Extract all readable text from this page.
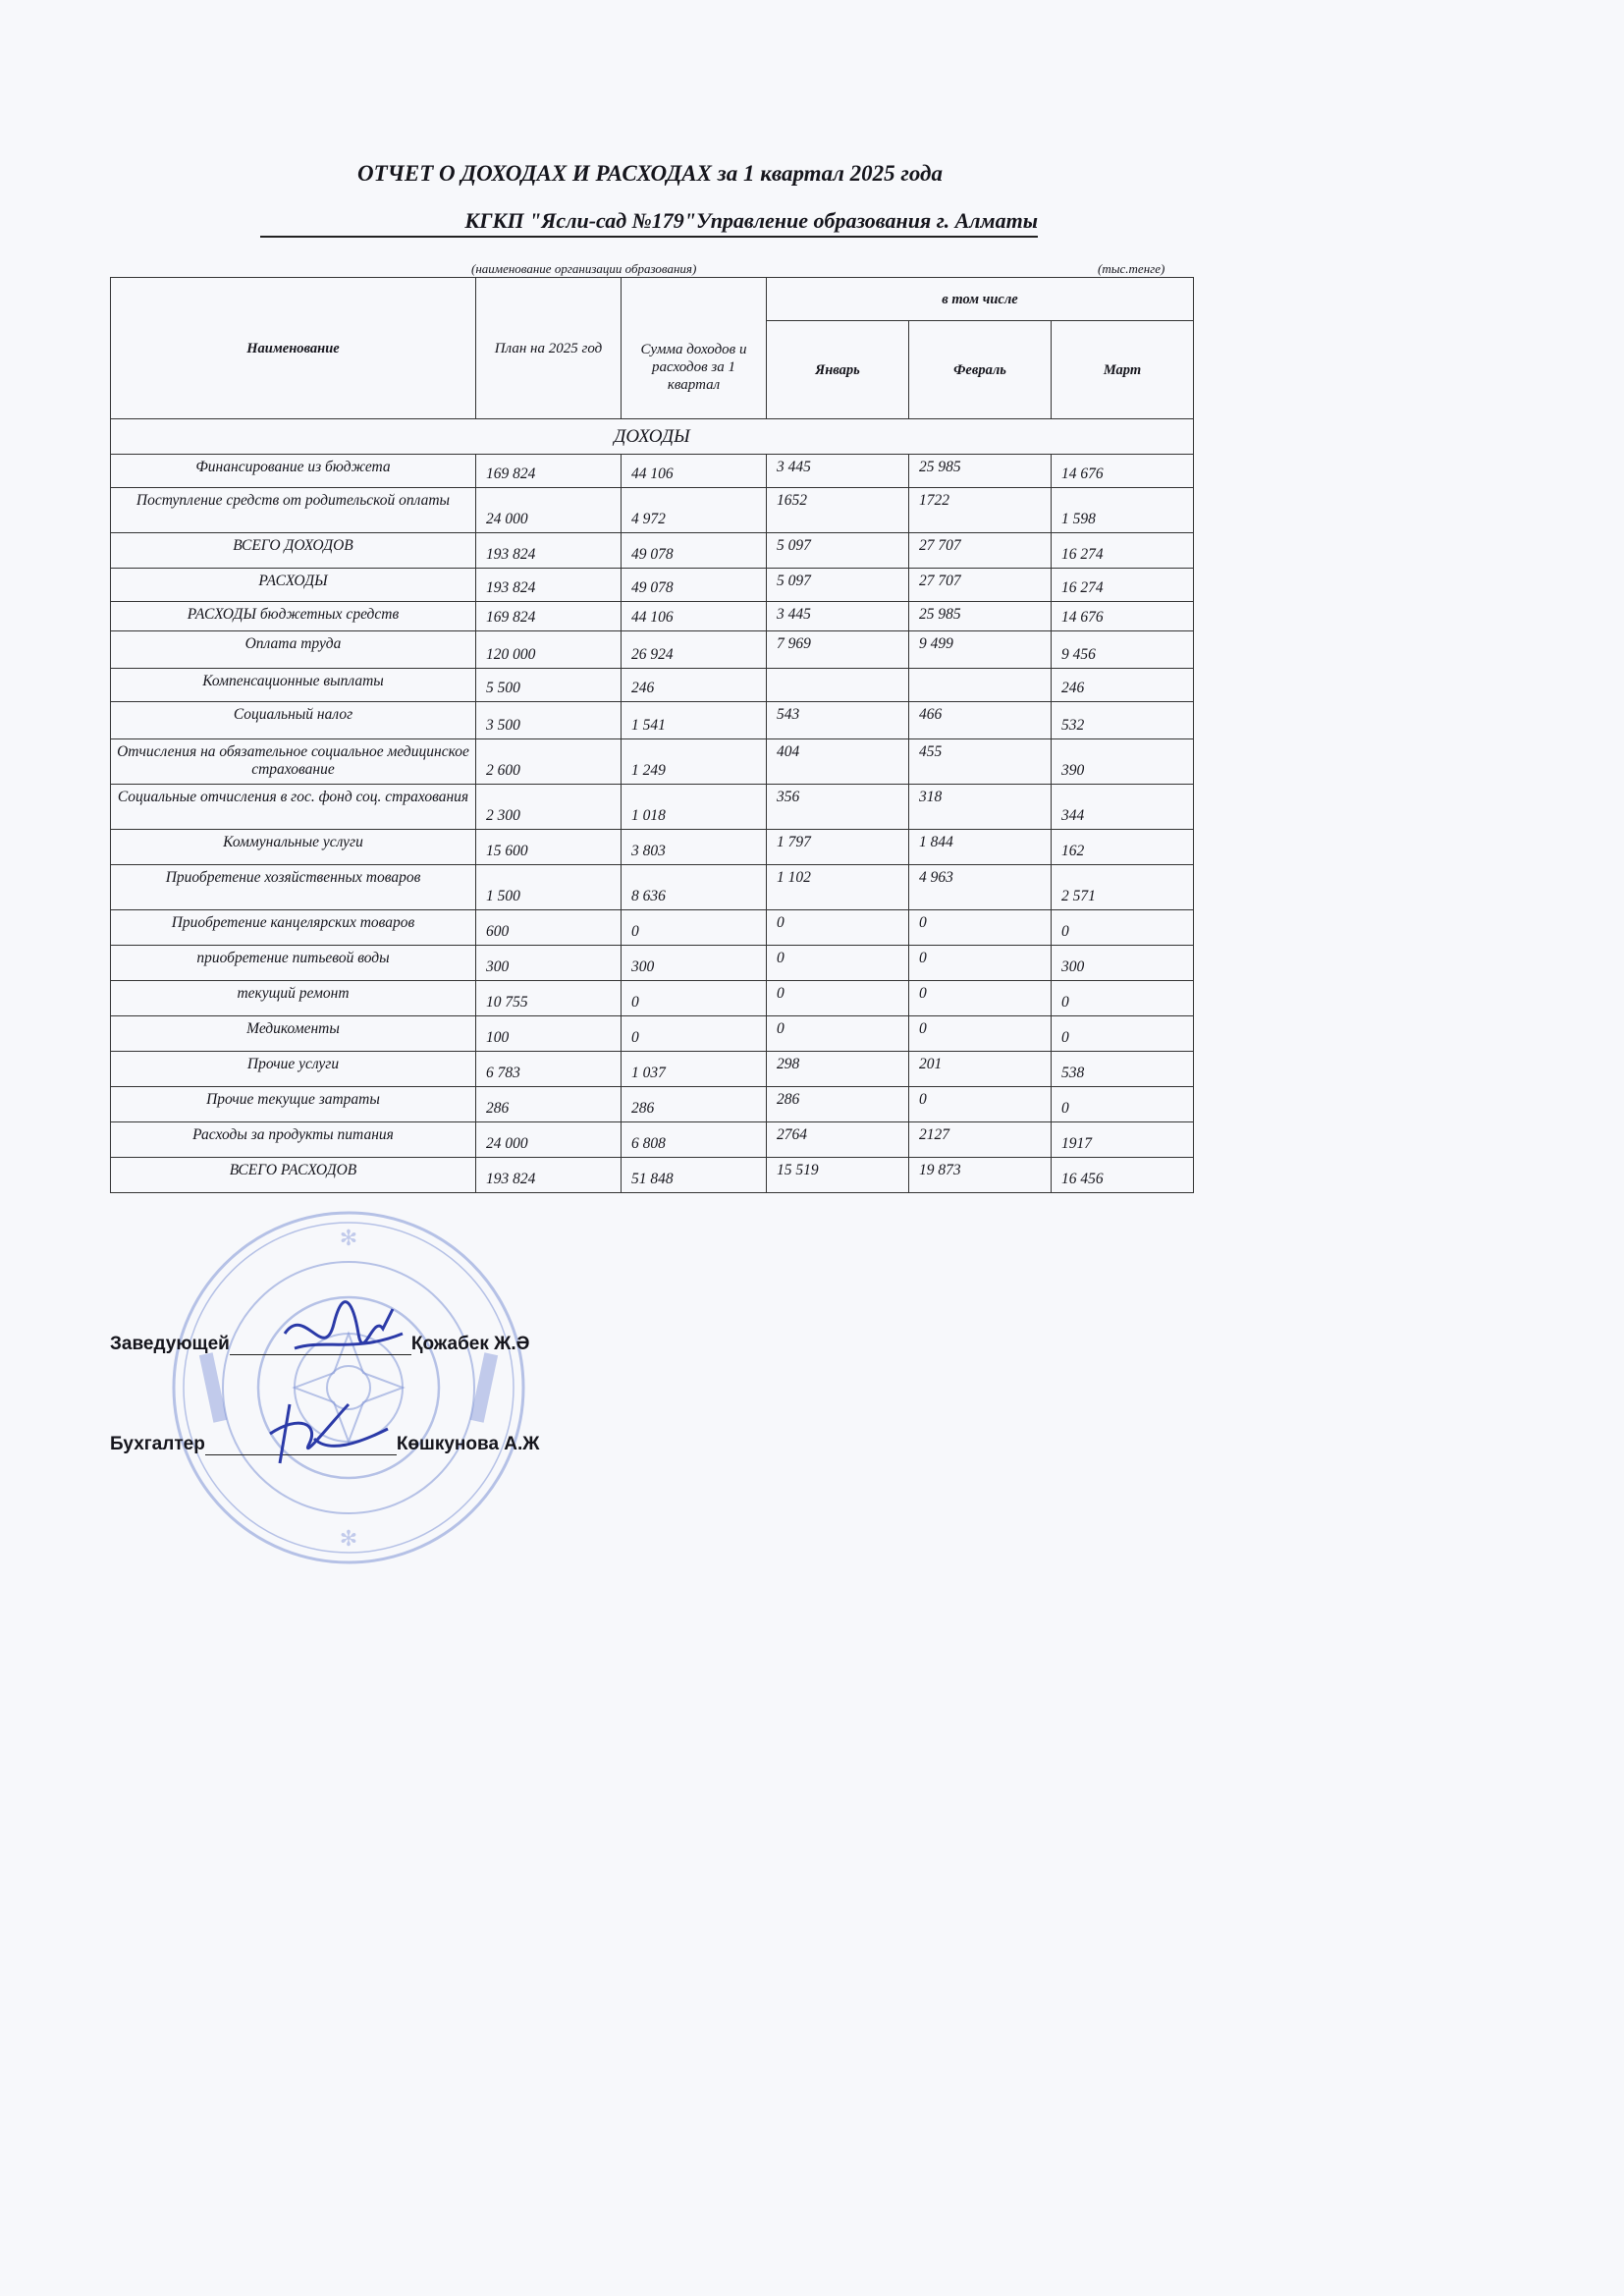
ОТЧЕТ О ДОХОДАХ И РАСХОДАХ за 1 квартал 2025 года
КГКП "Ясли-сад №179"Управление образования г. Алматы
(наименование организации образования)	(тыс.тенге)
Наименование	План на 2025 год	Сумма доходов и расходов за 1 квартал	в том числе		
			Январь	Февраль	Март
ДОХОДЫ					
Финансирование из бюджета	169 824	44 106	3 445	25 985	14 676
Поступление средств от родительской оплаты	24 000	4 972	1652	1722	1 598
ВСЕГО ДОХОДОВ	193 824	49 078	5 097	27 707	16 274
РАСХОДЫ	193 824	49 078	5 097	27 707	16 274
РАСХОДЫ бюджетных средств	169 824	44 106	3 445	25 985	14 676
Оплата труда	120 000	26 924	7 969	9 499	9 456
Компенсационные выплаты	5 500	246			246
Социальный налог	3 500	1 541	543	466	532
Отчисления на обязательное социальное медицинское страхование	2 600	1 249	404	455	390
Социальные отчисления в гос. фонд соц. страхования	2 300	1 018	356	318	344
Коммунальные услуги	15 600	3 803	1 797	1 844	162
Приобретение хозяйственных товаров	1 500	8 636	1 102	4 963	2 571
Приобретение канцелярских товаров	600	0	0	0	0
приобретение питьевой воды	300	300	0	0	300
текущий ремонт	10 755	0	0	0	0
Медикоменты	100	0	0	0	0
Прочие услуги	6 783	1 037	298	201	538
Прочие текущие затраты	286	286	286	0	0
Расходы за продукты питания	24 000	6 808	2764	2127	1917
ВСЕГО РАСХОДОВ	193 824	51 848	15 519	19 873	16 456
✻
✻
Заведующей	Қожабек Ж.Ә
Бухгалтер	Көшкунова А.Ж
